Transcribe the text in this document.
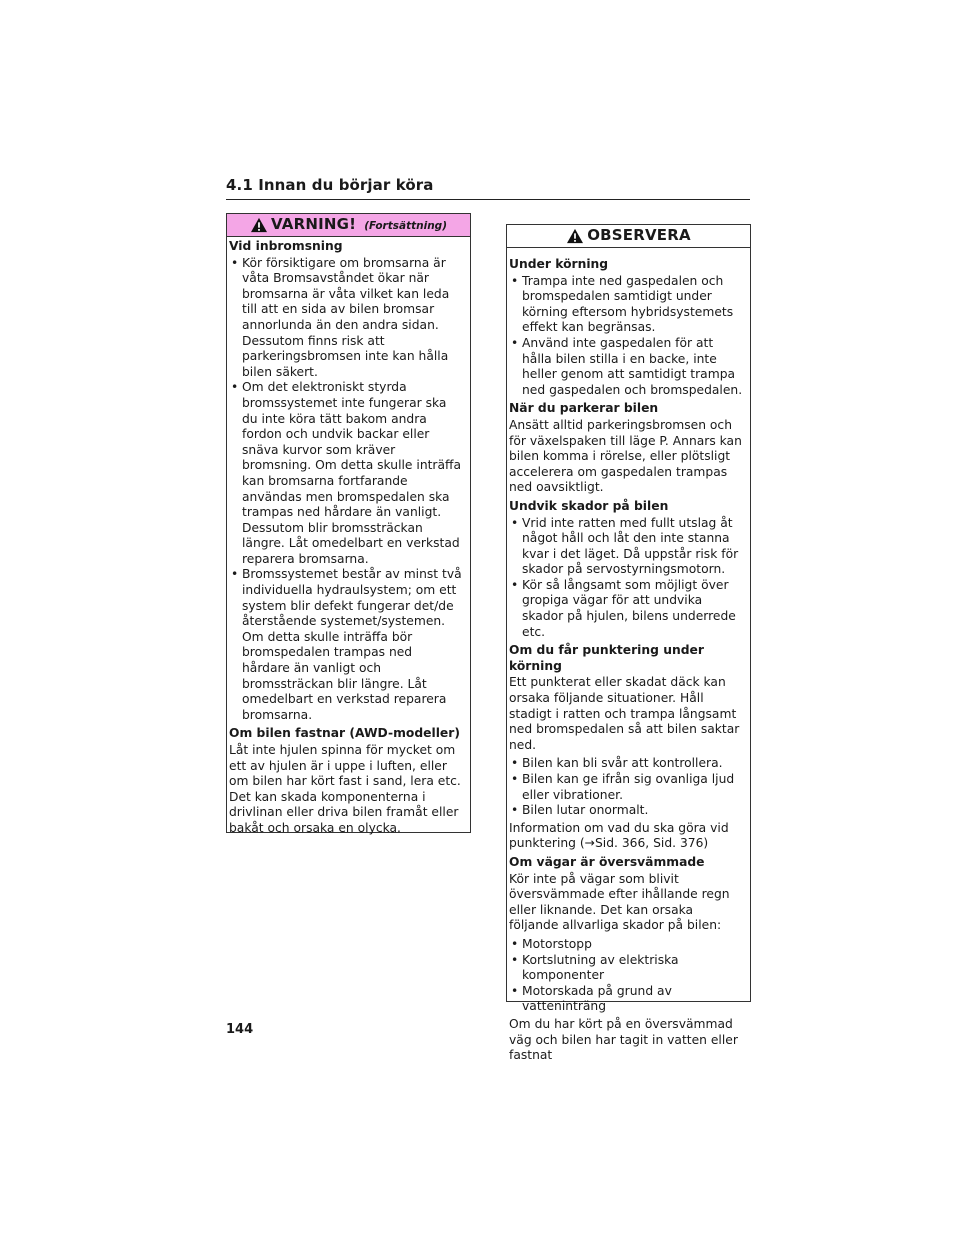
4.1 Innan du börjar köra
VARNING! (Fortsättning)
Vid inbromsning
• Kör försiktigare om bromsarna är våta Bromsavståndet ökar när bromsarna är våta vilket kan leda till att en sida av bilen bromsar annorlunda än den andra sidan. Dessutom finns risk att parkeringsbromsen inte kan hålla bilen säkert.
• Om det elektroniskt styrda bromssystemet inte fungerar ska du inte köra tätt bakom andra fordon och undvik backar eller snäva kurvor som kräver bromsning. Om detta skulle inträffa kan bromsarna fortfarande användas men bromspedalen ska trampas ned hårdare än vanligt. Dessutom blir bromssträckan längre. Låt omedelbart en verkstad reparera bromsarna.
• Bromssystemet består av minst två individuella hydraulsystem; om ett system blir defekt fungerar det/de återstående systemet/systemen. Om detta skulle inträffa bör bromspedalen trampas ned hårdare än vanligt och bromssträckan blir längre. Låt omedelbart en verkstad reparera bromsarna.
Om bilen fastnar (AWD-modeller)

Låt inte hjulen spinna för mycket om ett av hjulen är i uppe i luften, eller om bilen har kört fast i sand, lera etc. Det kan skada komponenterna i drivlinan eller driva bilen framåt eller bakåt och orsaka en olycka.

OBSERVERA
Under körning
• Trampa inte ned gaspedalen och bromspedalen samtidigt under körning eftersom hybridsystemets effekt kan begränsas.
• Använd inte gaspedalen för att hålla bilen stilla i en backe, inte heller genom att samtidigt trampa ned gaspedalen och bromspedalen.
När du parkerar bilen

Ansätt alltid parkeringsbromsen och för växelspaken till läge P. Annars kan bilen komma i rörelse, eller plötsligt accelerera om gaspedalen trampas ned oavsiktligt.

Undvik skador på bilen
• Vrid inte ratten med fullt utslag åt något håll och låt den inte stanna kvar i det läget. Då uppstår risk för skador på servostyrningsmotorn.
• Kör så långsamt som möjligt över gropiga vägar för att undvika skador på hjulen, bilens underrede etc.
Om du får punktering under körning

Ett punkterat eller skadat däck kan orsaka följande situationer. Håll stadigt i ratten och trampa långsamt ned bromspedalen så att bilen saktar ned.

• Bilen kan bli svår att kontrollera.
• Bilen kan ge ifrån sig ovanliga ljud eller vibrationer.
• Bilen lutar onormalt.

Information om vad du ska göra vid punktering (→Sid. 366, Sid. 376)

Om vägar är översvämmade

Kör inte på vägar som blivit översvämmade efter ihållande regn eller liknande. Det kan orsaka följande allvarliga skador på bilen:

• Motorstopp
• Kortslutning av elektriska komponenter
• Motorskada på grund av vatteninträng

Om du har kört på en översvämmad väg och bilen har tagit in vatten eller fastnat

144
